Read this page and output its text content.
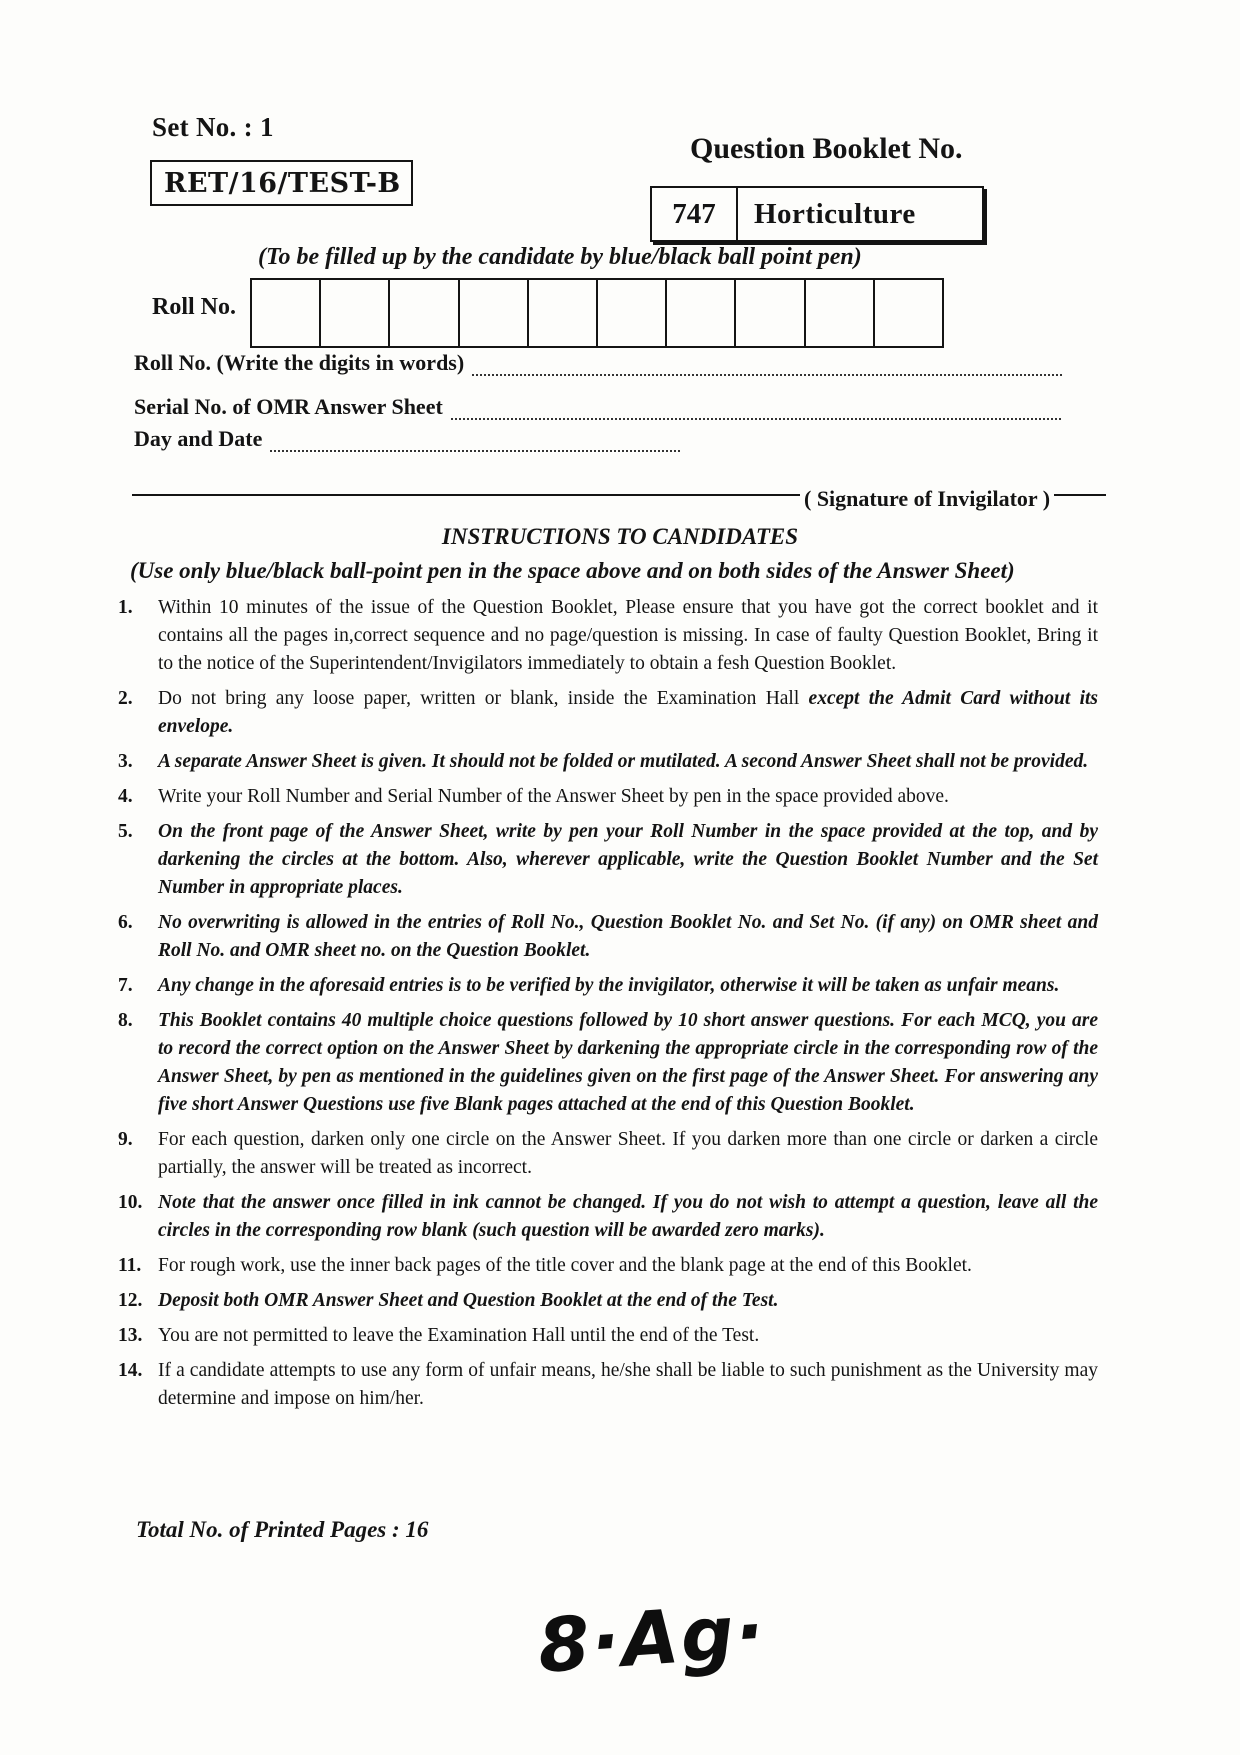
Set No. : 1
RET/16/TEST-B
Question Booklet No.
747	Horticulture
(To be filled up by the candidate by blue/black ball point pen)
Roll No.
Roll No. (Write the digits in words)
Serial No. of OMR Answer Sheet
Day and Date
( Signature of Invigilator )
INSTRUCTIONS TO CANDIDATES
(Use only blue/black ball-point pen in the space above and on both sides of the Answer Sheet)
1.	Within 10 minutes of the issue of the Question Booklet, Please ensure that you have got the correct booklet and it contains all the pages in,correct sequence and no page/question is missing. In case of faulty Question Booklet, Bring it to the notice of the Superintendent/Invigilators immediately to obtain a fesh Question Booklet.
2.	Do not bring any loose paper, written or blank, inside the Examination Hall except the Admit Card without its envelope.
3.	A separate Answer Sheet is given. It should not be folded or mutilated. A second Answer Sheet shall not be provided.
4.	Write your Roll Number and Serial Number of the Answer Sheet by pen in the space provided above.
5.	On the front page of the Answer Sheet, write by pen your Roll Number in the space provided at the top, and by darkening the circles at the bottom. Also, wherever applicable, write the Question Booklet Number and the Set Number in appropriate places.
6.	No overwriting is allowed in the entries of Roll No., Question Booklet No. and Set No. (if any) on OMR sheet and Roll No. and OMR sheet no. on the Question Booklet.
7.	Any change in the aforesaid entries is to be verified by the invigilator, otherwise it will be taken as unfair means.
8.	This Booklet contains 40 multiple choice questions followed by 10 short answer questions. For each MCQ, you are to record the correct option on the Answer Sheet by darkening the appropriate circle in the corresponding row of the Answer Sheet, by pen as mentioned in the guidelines given on the first page of the Answer Sheet. For answering any five short Answer Questions use five Blank pages attached at the end of this Question Booklet.
9.	For each question, darken only one circle on the Answer Sheet. If you darken more than one circle or darken a circle partially, the answer will be treated as incorrect.
10. Note that the answer once filled in ink cannot be changed. If you do not wish to attempt a question, leave all the circles in the corresponding row blank (such question will be awarded zero marks).
11. For rough work, use the inner back pages of the title cover and the blank page at the end of this Booklet.
12. Deposit both OMR Answer Sheet and Question Booklet at the end of the Test.
13. You are not permitted to leave the Examination Hall until the end of the Test.
14. If a candidate attempts to use any form of unfair means, he/she shall be liable to such punishment as the University may determine and impose on him/her.
Total No. of Printed Pages : 16
8·Ag·
